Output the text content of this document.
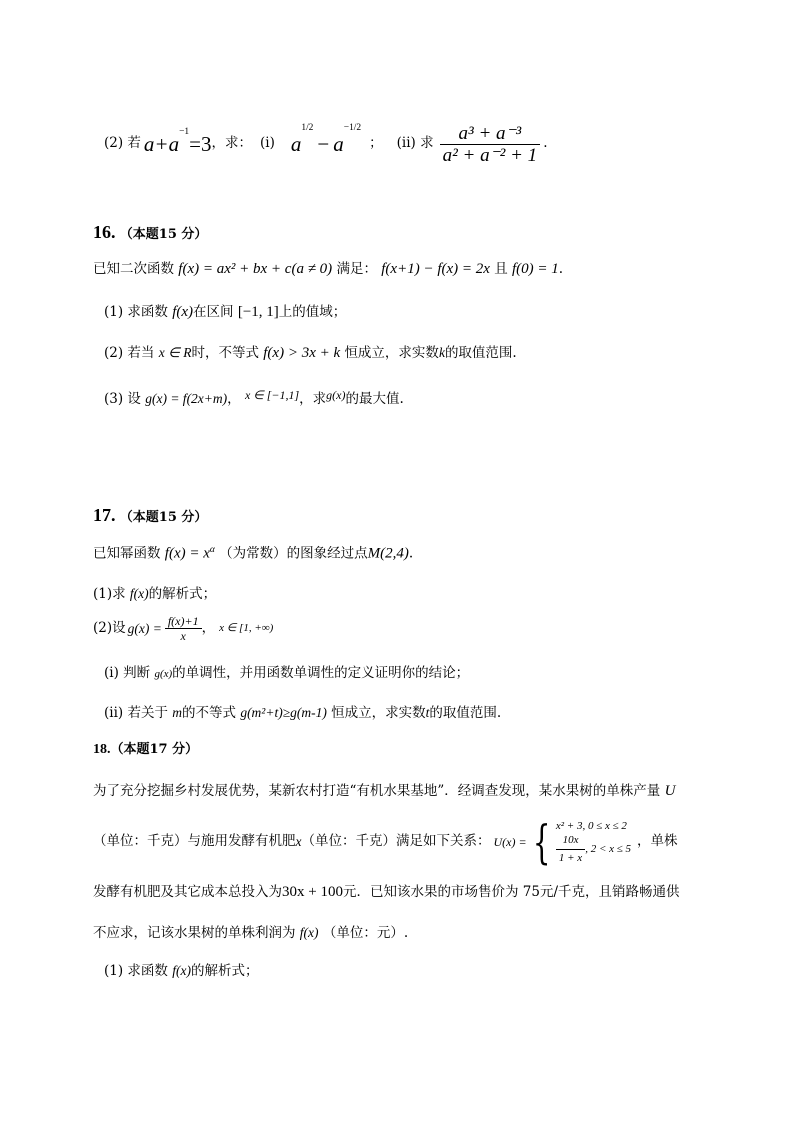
(2) 若 $a+a^{-1} =3$ ，求： (i) a
1/2
− a
−1/2
； (ii) 求 $\frac{\text{a³ + a⁻³}}{\text{a² + a⁻² + 1}}$ .
16. （本题15 分）
已知二次函数 f(x) = ax² + bx + c(a ≠ 0) 满足： f(x+1) − f(x) = 2x 且 f(0) = 1.
(1) 求函数 f(x)在区间 [−1, 1]上的值域；
(2) 若当 x ∈ R时，不等式 f(x) > 3x + k 恒成立，求实数k的取值范围.
(3) 设 g(x) = f(2x+m)， x ∈ [−1,1]，求g(x)的最大值.
17. （本题15 分）
已知幂函数 $f(x) = x^\alpha$ （为常数）的图象经过点M(2,4).
(1)求 f(x)的解析式；
(2)设 $g(x) = \frac{f(x)+1}{x}$ ， x ∈ [1, +∞)
(i) 判断 g(x)的单调性，并用函数单调性的定义证明你的结论；
(ii) 若关于 m的不等式 g(m²+t)≥g(m-1) 恒成立，求实数t的取值范围.
18.（本题17 分）
为了充分挖掘乡村发展优势，某新农村打造“有机水果基地”．经调查发现，某水果树的单株产量 U
（单位：千克）与施用发酵有机肥 x （单位：千克）满足如下关系： U(x) = { x² + 3, 0 ≤ x ≤ 2
$\frac{10x}{1 + x}$ , 2 < x ≤ 5 ，单株
发酵有机肥及其它成本总投入为30x + 100元．已知该水果的市场售价为 75元/千克，且销路畅通供
不应求，记该水果树的单株利润为 f(x) （单位：元）.
(1) 求函数 f(x)的解析式；
